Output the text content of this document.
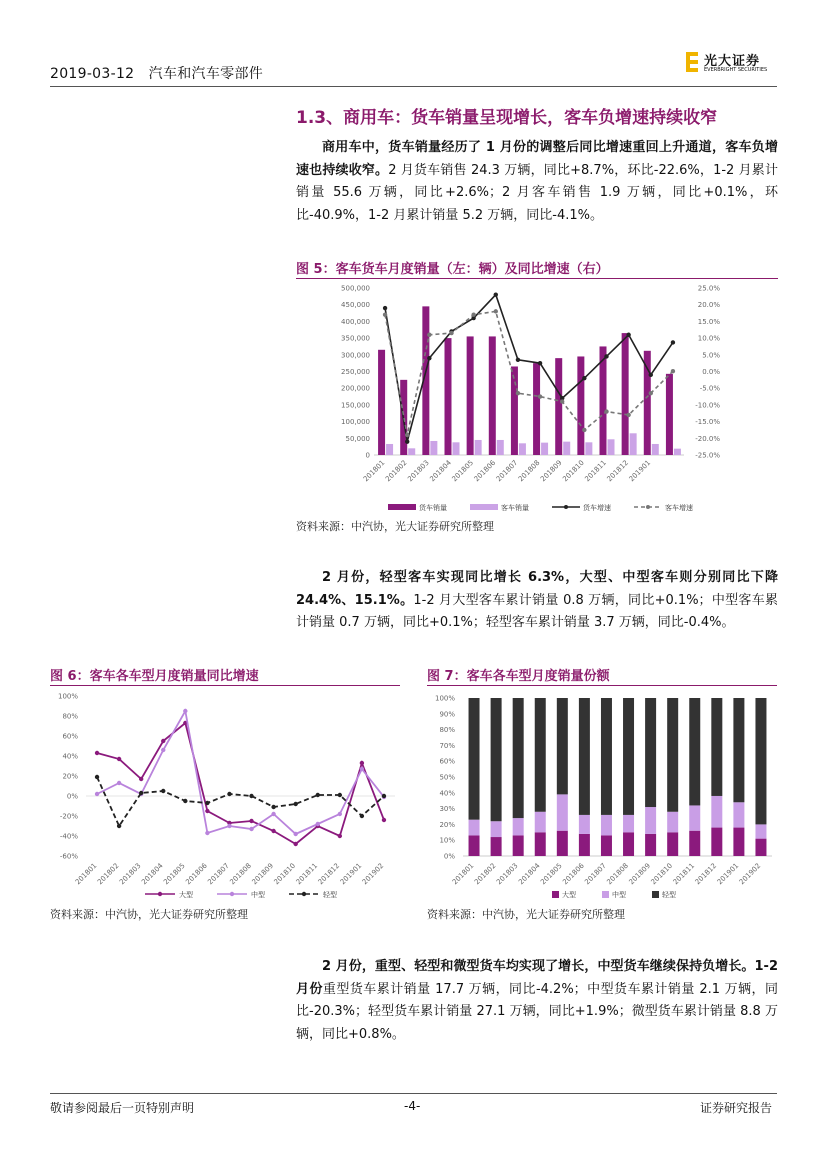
2019-03-12 汽车和汽车零部件
光大证券
EVERBRIGHT SECURITIES
1.3、商用车：货车销量呈现增长，客车负增速持续收窄
商用车中，货车销量经历了 1 月份的调整后同比增速重回上升通道，客车负增速也持续收窄。2 月货车销售 24.3 万辆，同比+8.7%，环比-22.6%，1-2 月累计销量 55.6 万辆，同比+2.6%；2 月客车销售 1.9 万辆，同比+0.1%，环比-40.9%，1-2 月累计销量 5.2 万辆，同比-4.1%。
图 5：客车货车月度销量（左：辆）及同比增速（右）
500,000
450,000
400,000
350,000
300,000
250,000
200,000
150,000
100,000
50,000
0
25.0%
20.0%
15.0%
10.0%
5.0%
0.0%
-5.0%
-10.0%
-15.0%
-20.0%
-25.0%
201801
201802
201803
201804
201805
201806
201807
201808
201809
201810
201811
201812
201901
货车销量	客车销量	货车增速	客车增速
资料来源：中汽协，光大证券研究所整理
2 月份，轻型客车实现同比增长 6.3%，大型、中型客车则分别同比下降 24.4%、15.1%。1-2 月大型客车累计销量 0.8 万辆，同比+0.1%；中型客车累计销量 0.7 万辆，同比+0.1%；轻型客车累计销量 3.7 万辆，同比-0.4%。
图 6：客车各车型月度销量同比增速
100%
80%
60%
40%
20%
0%
-20%
-40%
-60%
201801
201802
201803
201804
201805
201806
201807
201808
201809
201810
201811
201812
201901
201902
大型	中型	轻型
资料来源：中汽协，光大证券研究所整理
图 7：客车各车型月度销量份额
100%
90%
80%
70%
60%
50%
40%
30%
20%
10%
0%
201801
201802
201803
201804
201805
201806
201807
201808
201809
201810
201811
201812
201901
201902
大型	中型	轻型
资料来源：中汽协，光大证券研究所整理
2 月份，重型、轻型和微型货车均实现了增长，中型货车继续保持负增长。1-2 月份重型货车累计销量 17.7 万辆，同比-4.2%；中型货车累计销量 2.1 万辆，同比-20.3%；轻型货车累计销量 27.1 万辆，同比+1.9%；微型货车累计销量 8.8 万辆，同比+0.8%。
敬请参阅最后一页特别声明	-4-	证券研究报告
